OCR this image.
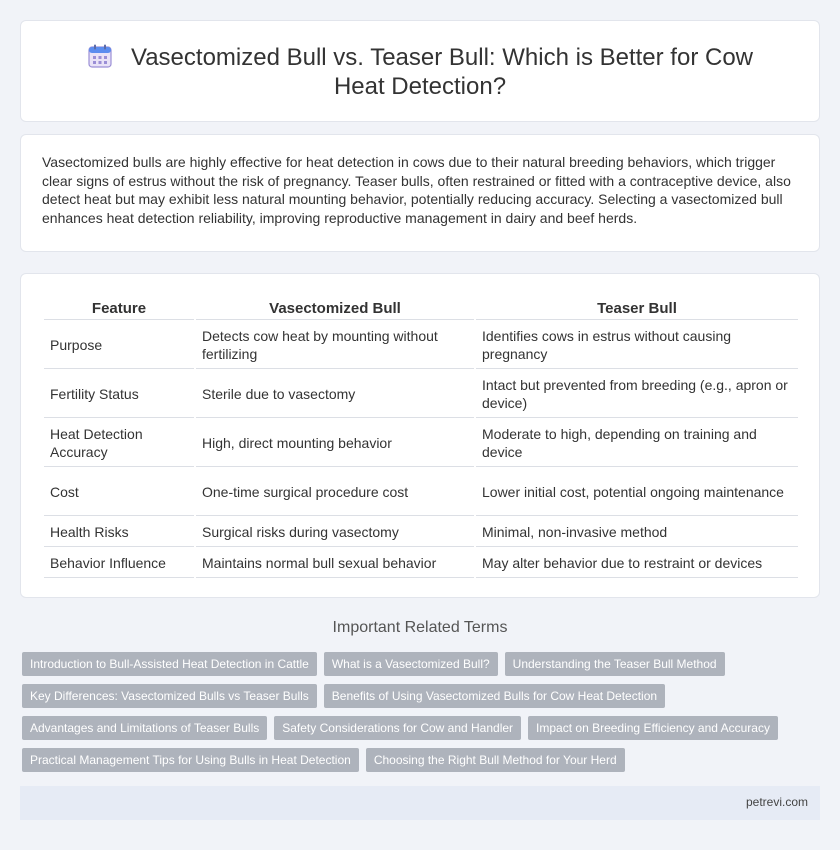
Vasectomized Bull vs. Teaser Bull: Which is Better for Cow Heat Detection?

Vasectomized bulls are highly effective for heat detection in cows due to their natural breeding behaviors, which trigger clear signs of estrus without the risk of pregnancy. Teaser bulls, often restrained or fitted with a contraceptive device, also detect heat but may exhibit less natural mounting behavior, potentially reducing accuracy. Selecting a vasectomized bull enhances heat detection reliability, improving reproductive management in dairy and beef herds.

Feature	Vasectomized Bull	Teaser Bull
Purpose	Detects cow heat by mounting without fertilizing	Identifies cows in estrus without causing pregnancy
Fertility Status	Sterile due to vasectomy	Intact but prevented from breeding (e.g., apron or device)
Heat Detection Accuracy	High, direct mounting behavior	Moderate to high, depending on training and device
Cost	One-time surgical procedure cost	Lower initial cost, potential ongoing maintenance
Health Risks	Surgical risks during vasectomy	Minimal, non-invasive method
Behavior Influence	Maintains normal bull sexual behavior	May alter behavior due to restraint or devices
Important Related Terms
Introduction to Bull-Assisted Heat Detection in Cattle What is a Vasectomized Bull? Understanding the Teaser Bull Method
Key Differences: Vasectomized Bulls vs Teaser Bulls Benefits of Using Vasectomized Bulls for Cow Heat Detection
Advantages and Limitations of Teaser Bulls Safety Considerations for Cow and Handler Impact on Breeding Efficiency and Accuracy
Practical Management Tips for Using Bulls in Heat Detection Choosing the Right Bull Method for Your Herd
petrevi.com
